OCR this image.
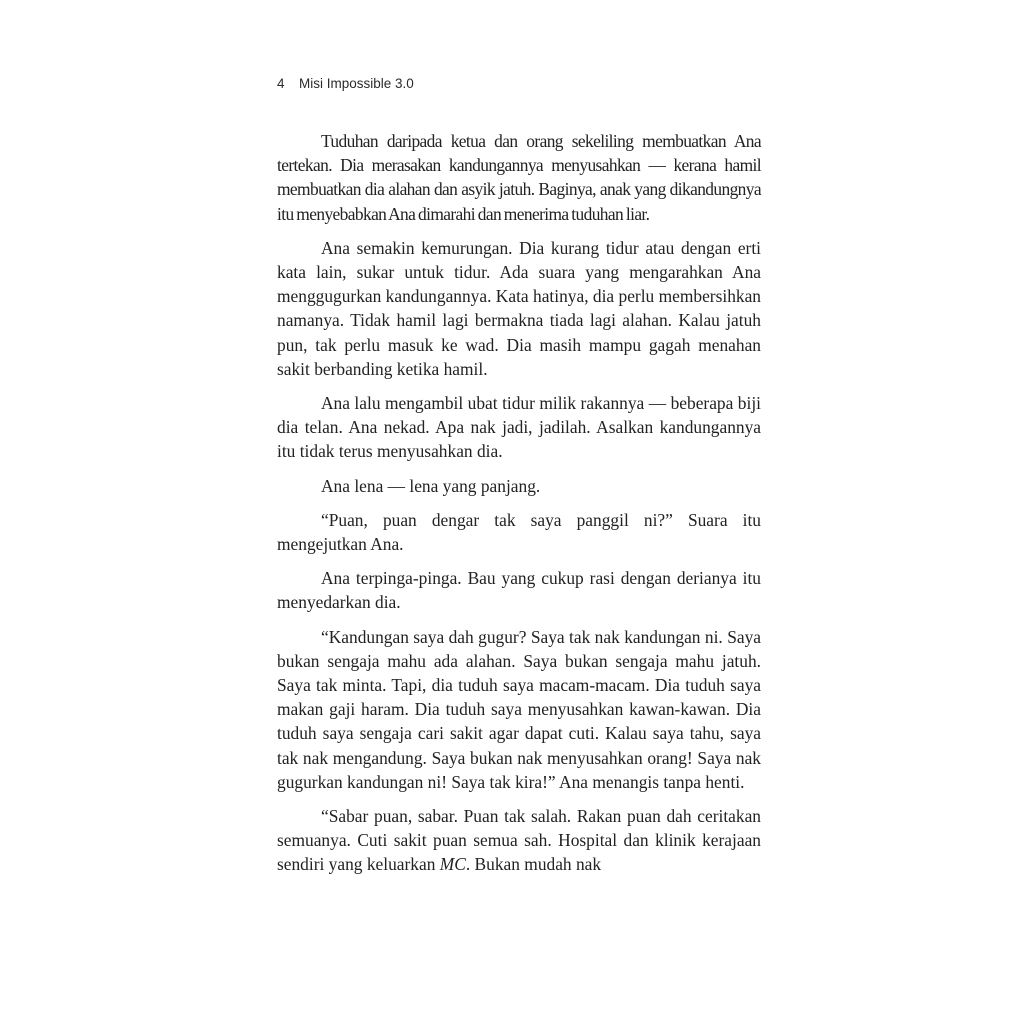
4 Misi Impossible 3.0

Tuduhan daripada ketua dan orang sekeliling membuatkan Ana tertekan. Dia merasakan kandungannya menyusahkan — kerana hamil membuatkan dia alahan dan asyik jatuh. Baginya, anak yang dikandungnya itu menyebabkan Ana dimarahi dan menerima tuduhan liar.

Ana semakin kemurungan. Dia kurang tidur atau dengan erti kata lain, sukar untuk tidur. Ada suara yang mengarahkan Ana menggugurkan kandungannya. Kata hatinya, dia perlu membersihkan namanya. Tidak hamil lagi bermakna tiada lagi alahan. Kalau jatuh pun, tak perlu masuk ke wad. Dia masih mampu gagah menahan sakit berbanding ketika hamil.

Ana lalu mengambil ubat tidur milik rakannya — beberapa biji dia telan. Ana nekad. Apa nak jadi, jadilah. Asalkan kandungannya itu tidak terus menyusahkan dia.

Ana lena — lena yang panjang.

“Puan, puan dengar tak saya panggil ni?” Suara itu mengejutkan Ana.

Ana terpinga-pinga. Bau yang cukup rasi dengan derianya itu menyedarkan dia.

“Kandungan saya dah gugur? Saya tak nak kandungan ni. Saya bukan sengaja mahu ada alahan. Saya bukan sengaja mahu jatuh. Saya tak minta. Tapi, dia tuduh saya macam-macam. Dia tuduh saya makan gaji haram. Dia tuduh saya menyusahkan kawan-kawan. Dia tuduh saya sengaja cari sakit agar dapat cuti. Kalau saya tahu, saya tak nak mengandung. Saya bukan nak menyusahkan orang! Saya nak gugurkan kandungan ni! Saya tak kira!” Ana menangis tanpa henti.

“Sabar puan, sabar. Puan tak salah. Rakan puan dah ceritakan semuanya. Cuti sakit puan semua sah. Hospital dan klinik kerajaan sendiri yang keluarkan MC. Bukan mudah nak
